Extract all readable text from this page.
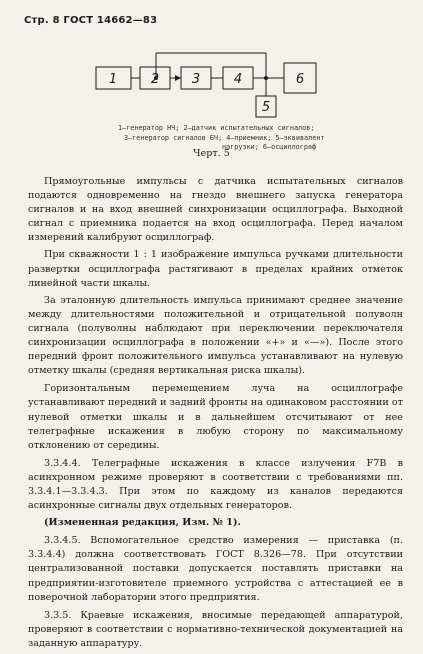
Стр. 8 ГОСТ 14662—83
1	2	3	4	6
5
1—генератор НЧ; 2—датчик испытательных сигналов;
3—генератор сигналов БЧ; 4—приемник; 5—эквивалент
нагрузки; 6—осциллограф
Черт. 5

Прямоугольные импульсы с датчика испытательных сигналов подаются одновременно на гнездо внешнего запуска генератора сигналов и на вход внешней синхронизации осциллографа. Выходной сигнал с приемника подается на вход осциллографа. Перед началом измерений калибруют осциллограф.

При скважности 1 : 1 изображение импульса ручками длительности развертки осциллографа растягивают в пределах крайних отметок линейной части шкалы.

За эталонную длительность импульса принимают среднее значение между длительностями положительной и отрицательной полуволн сигнала (полуволны наблюдают при переключении переключателя синхронизации осциллографа в положении «+» и «—»). После этого передний фронт положительного импульса устанавливают на нулевую отметку шкалы (средняя вертикальная риска шкалы).

Горизонтальным перемещением луча на осциллографе устанавливают передний и задний фронты на одинаковом расстоянии от нулевой отметки шкалы и в дальнейшем отсчитывают от нее телеграфные искажения в любую сторону по максимальному отклонению от середины.

3.3.4.4. Телеграфные искажения в классе излучения F7B в асинхронном режиме проверяют в соответствии с требованиями пп. 3.3.4.1—3.3.4.3. При этом по каждому из каналов передаются асинхронные сигналы двух отдельных генераторов.

(Измененная редакция, Изм. № 1).

3.3.4.5. Вспомогательное средство измерения — приставка (п. 3.3.4.4) должна соответствовать ГОСТ 8.326—78. При отсутствии централизованной поставки допускается поставлять приставки на предприятии-изготовителе приемного устройства с аттестацией ее в поверочной лаборатории этого предприятия.

3.3.5. Краевые искажения, вносимые передающей аппаратурой, проверяют в соответствии с нормативно-технической документацией на заданную аппаратуру.
